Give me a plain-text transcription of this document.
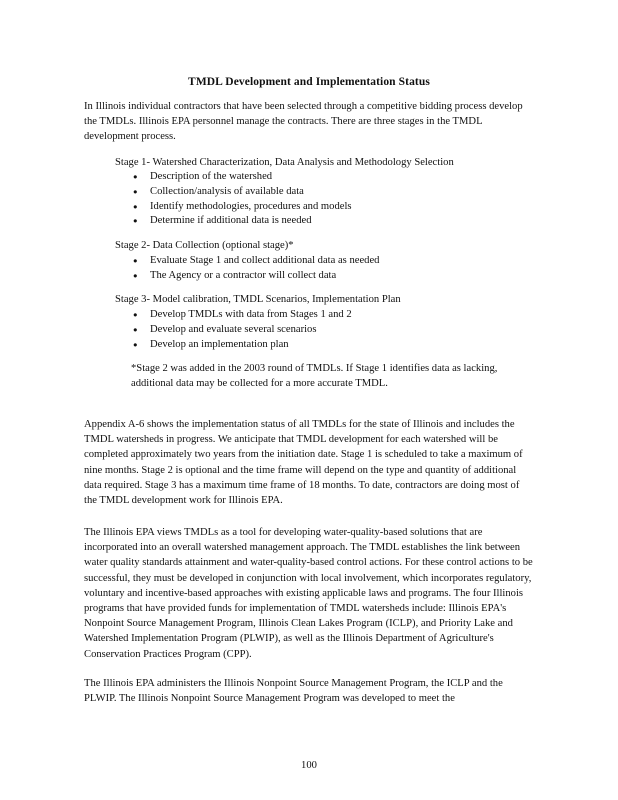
TMDL Development and Implementation Status

In Illinois individual contractors that have been selected through a competitive bidding process develop the TMDLs. Illinois EPA personnel manage the contracts. There are three stages in the TMDL development process.

Stage 1- Watershed Characterization, Data Analysis and Methodology Selection

● Description of the watershed
● Collection/analysis of available data
● Identify methodologies, procedures and models
● Determine if additional data is needed

Stage 2- Data Collection (optional stage)*

● Evaluate Stage 1 and collect additional data as needed
● The Agency or a contractor will collect data

Stage 3- Model calibration, TMDL Scenarios, Implementation Plan

● Develop TMDLs with data from Stages 1 and 2
● Develop and evaluate several scenarios
● Develop an implementation plan

*Stage 2 was added in the 2003 round of TMDLs. If Stage 1 identifies data as lacking, additional data may be collected for a more accurate TMDL.

Appendix A-6 shows the implementation status of all TMDLs for the state of Illinois and includes the TMDL watersheds in progress. We anticipate that TMDL development for each watershed will be completed approximately two years from the initiation date. Stage 1 is scheduled to take a maximum of nine months. Stage 2 is optional and the time frame will depend on the type and quantity of additional data required. Stage 3 has a maximum time frame of 18 months. To date, contractors are doing most of the TMDL development work for Illinois EPA.

The Illinois EPA views TMDLs as a tool for developing water-quality-based solutions that are incorporated into an overall watershed management approach. The TMDL establishes the link between water quality standards attainment and water-quality-based control actions. For these control actions to be successful, they must be developed in conjunction with local involvement, which incorporates regulatory, voluntary and incentive-based approaches with existing applicable laws and programs. The four Illinois programs that have provided funds for implementation of TMDL watersheds include: Illinois EPA's Nonpoint Source Management Program, Illinois Clean Lakes Program (ICLP), and Priority Lake and Watershed Implementation Program (PLWIP), as well as the Illinois Department of Agriculture's Conservation Practices Program (CPP).

The Illinois EPA administers the Illinois Nonpoint Source Management Program, the ICLP and the PLWIP. The Illinois Nonpoint Source Management Program was developed to meet the

100
